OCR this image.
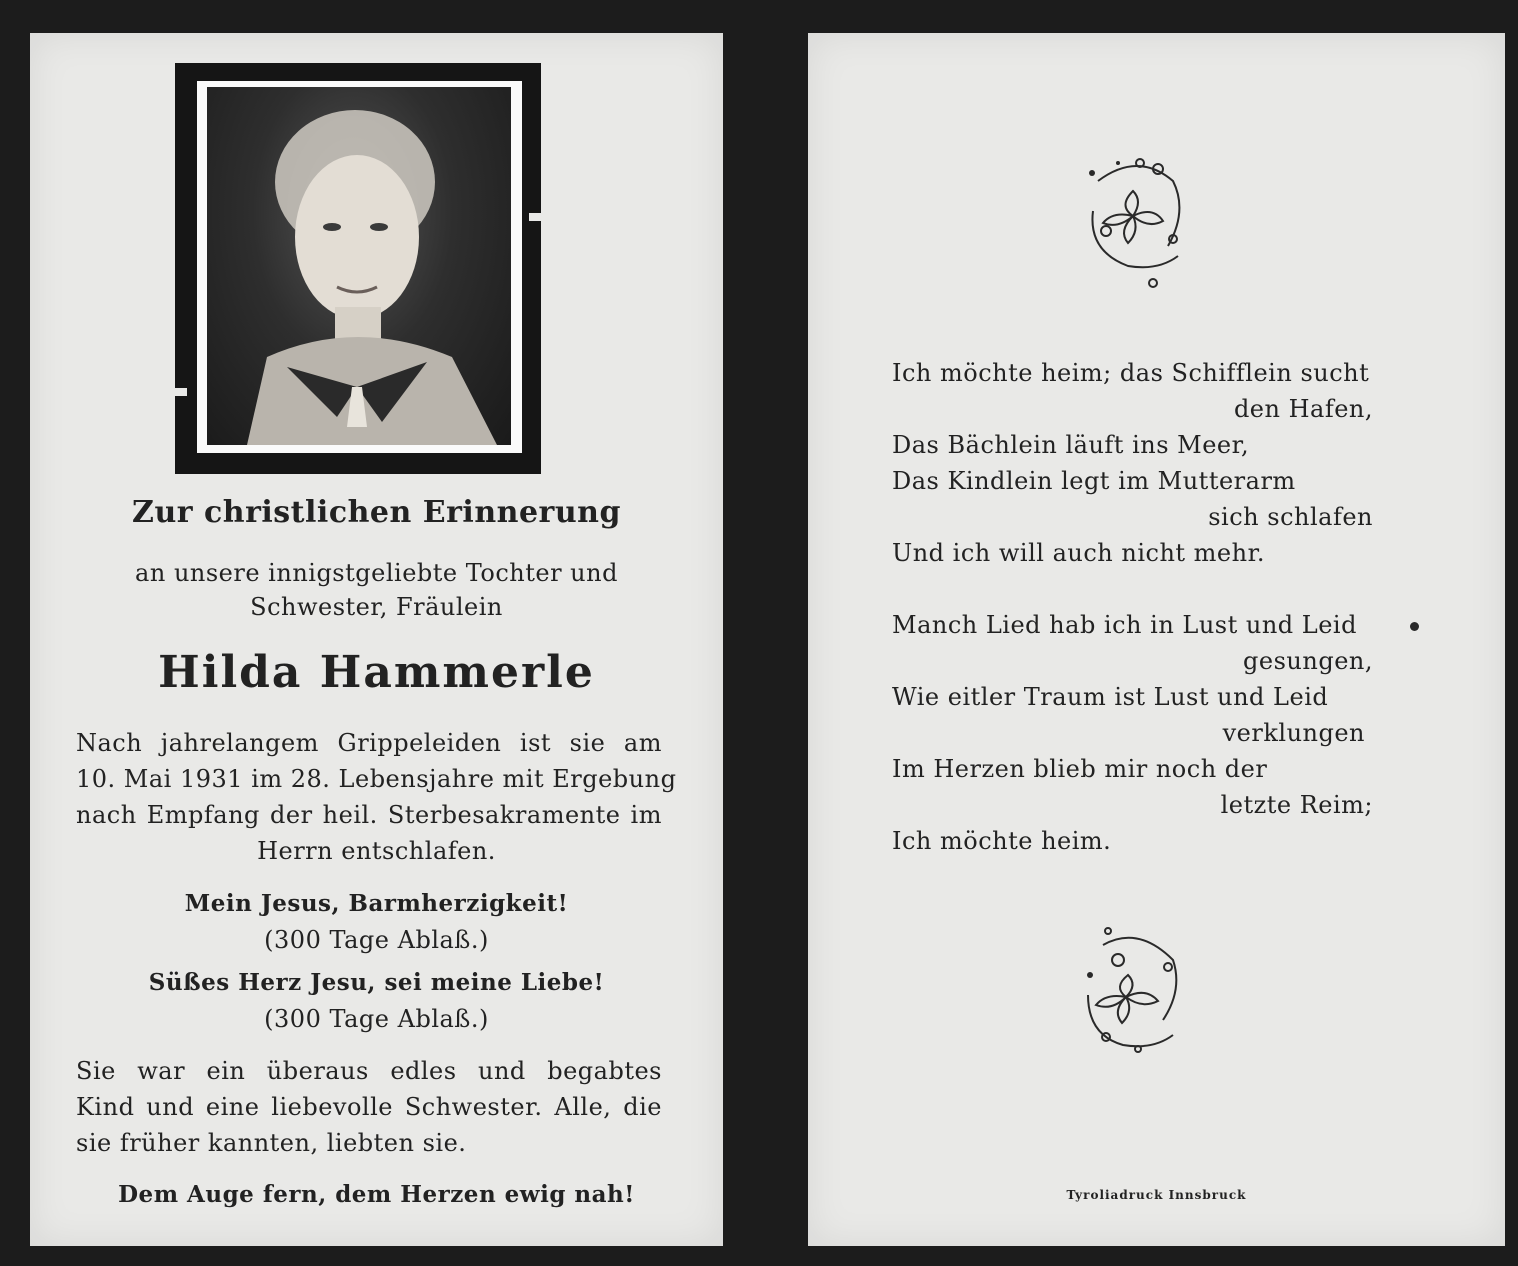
Zur christlichen Erinnerung
an unsere innigstgeliebte Tochter und
Schwester, Fräulein
Hilda Hammerle
Nach jahrelangem Grippeleiden ist sie am
10. Mai 1931 im 28. Lebensjahre mit Ergebung
nach Empfang der heil. Sterbesakramente im
Herrn entschlafen.
Mein Jesus, Barmherzigkeit!
(300 Tage Ablaß.)
Süßes Herz Jesu, sei meine Liebe!
(300 Tage Ablaß.)
Sie war ein überaus edles und begabtes
Kind und eine liebevolle Schwester. Alle, die
sie früher kannten, liebten sie.
Dem Auge fern, dem Herzen ewig nah!
Ich möchte heim; das Schifflein sucht
den Hafen,
Das Bächlein läuft ins Meer,
Das Kindlein legt im Mutterarm
sich schlafen
Und ich will auch nicht mehr.
Manch Lied hab ich in Lust und Leid
gesungen,
Wie eitler Traum ist Lust und Leid
verklungen
Im Herzen blieb mir noch der
letzte Reim;
Ich möchte heim.
Tyroliadruck Innsbruck
